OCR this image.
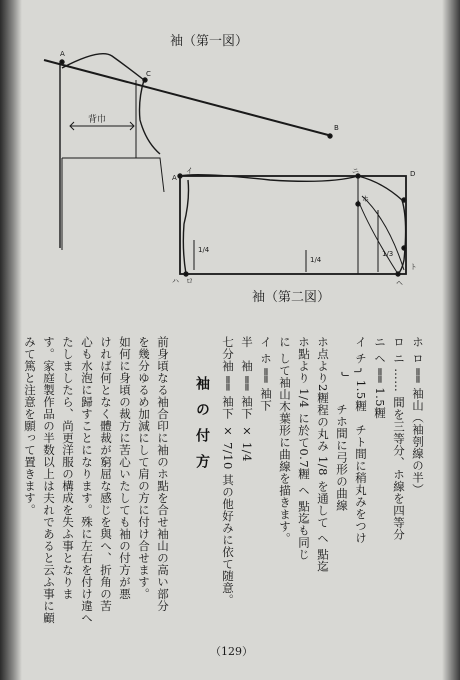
袖（第一図）
A
C
B
背巾
A
イ	ニ	D
ホ
ハ ロ	ヘ
ト
1/4
1/3
1/4
袖（第二図）
ホ ロ ══ 袖山（袖刳線の半）
ロ ニ …… 間を三等分、ホ線を四等分
ニ ヘ ══ 1.5糎
イ チ ╮ 1.5糎　チト間に稍丸みをつけ
　　　╯　　チホ間に弓形の曲線
ホ点より2糎程の丸み 1/8 を通して ヘ 點迄
ホ點より 1/4 に於て0.7糎 ヘ 點迄も同じ
に して袖山木葉形に曲線を描きます。
イ ホ ══ 袖下
半　袖 ══ 袖下 × 1/4
七分袖 ══ 袖下 × 7/10 其の他好みに依て随意。
袖の付方
前身頃なる袖合印に袖のホ點を合せ袖山の高い部分
を幾分ゆるめ加減にして肩の方に付け合せます。
如何に身頃の裁方に苦心いたしても袖の付方が悪
ければ何となく體裁が窮屈な感じを與へ、折角の苦
心も水泡に歸すことになります。殊に左右を付け違へ
たしましたら、尚更洋服の構成を失ふ事となりま
す。家庭製作品の半数以上は夫れであると云ふ事に顧
みて篤と注意を願って置きます。
（129）
